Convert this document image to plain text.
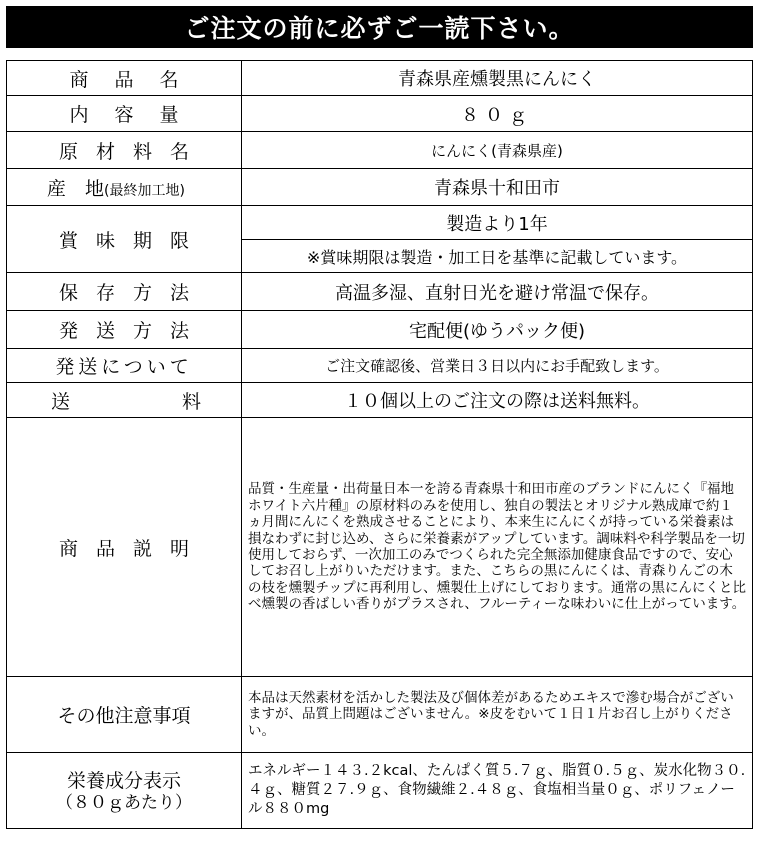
ご注文の前に必ずご一読下さい。
商品名	青森県産燻製黒にんにく
内容量	８０ｇ
原材料名	にんにく(青森県産)
産　地(最終加工地)	青森県十和田市
賞味期限	製造より1年
	※賞味期限は製造・加工日を基準に記載しています。
保存方法	高温多湿、直射日光を避け常温で保存。
発送方法	宅配便(ゆうパック便)
発送について	ご注文確認後、営業日３日以内にお手配致します。

送 料	１０個以上のご注文の際は送料無料。
商品説明	品質・生産量・出荷量日本一を誇る青森県十和田市産のブランドにんにく『福地ホワイト六片種』の原材料のみを使用し、独自の製法とオリジナル熟成庫で約１ヵ月間にんにくを熟成させることにより、本来生にんにくが持っている栄養素は損なわずに封じ込め、さらに栄養素がアップしています。調味料や科学製品を一切使用しておらず、一次加工のみでつくられた完全無添加健康食品ですので、安心してお召し上がりいただけます。また、こちらの黒にんにくは、青森りんごの木の枝を燻製チップに再利用し、燻製仕上げにしております。通常の黒にんにくと比べ燻製の香ばしい香りがプラスされ、フルーティーな味わいに仕上がっています。
その他注意事項	本品は天然素材を活かした製法及び個体差があるためエキスで滲む場合がございますが、品質上問題はございません。※皮をむいて１日１片お召し上がりください。

栄養成分表示
（８０ｇあたり）	エネルギー１４３.２kcal、たんぱく質５.７ｇ、脂質０.５ｇ、炭水化物３０.４ｇ、糖質２７.９ｇ、食物繊維２.４８ｇ、食塩相当量０ｇ、ポリフェノール８８０mg
